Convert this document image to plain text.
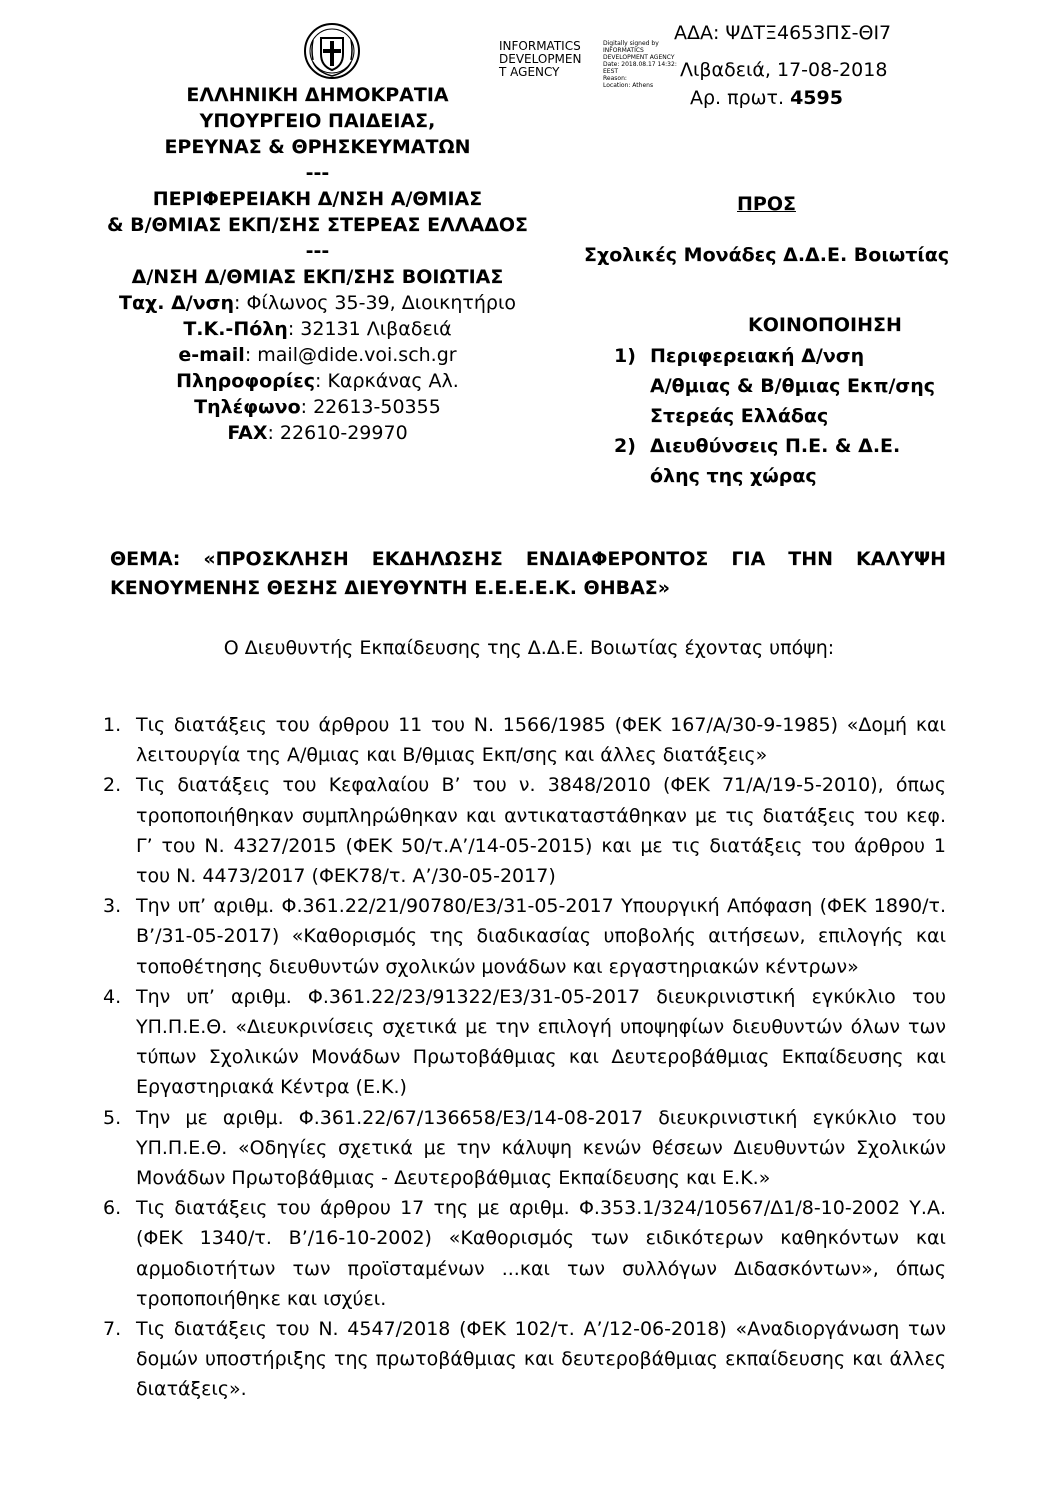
ΑΔΑ: ΨΔΤΞ4653ΠΣ-ΘΙ7
INFORMATICS
DEVELOPMEN
T AGENCY
Digitally signed by
INFORMATICS
DEVELOPMENT AGENCY
Date: 2018.08.17 14:32:
EEST
Reason:
Location: Athens
Λιβαδειά, 17-08-2018
Αρ. πρωτ. 4595
ΕΛΛΗΝΙΚΗ ΔΗΜΟΚΡΑΤΙΑ
ΥΠΟΥΡΓΕΙΟ ΠΑΙΔΕΙΑΣ,
ΕΡΕΥΝΑΣ & ΘΡΗΣΚΕΥΜΑΤΩΝ
---
ΠΕΡΙΦΕΡΕΙΑΚΗ Δ/ΝΣΗ Α/ΘΜΙΑΣ
& Β/ΘΜΙΑΣ ΕΚΠ/ΣΗΣ ΣΤΕΡΕΑΣ ΕΛΛΑΔΟΣ
---
Δ/ΝΣΗ Δ/ΘΜΙΑΣ ΕΚΠ/ΣΗΣ ΒΟΙΩΤΙΑΣ
Ταχ. Δ/νση: Φίλωνος 35-39, Διοικητήριο
Τ.Κ.-Πόλη: 32131 Λιβαδειά
e-mail: mail@dide.voi.sch.gr
Πληροφορίες: Καρκάνας Αλ.
Τηλέφωνο: 22613-50355
FAX: 22610-29970
ΠΡΟΣ
Σχολικές Μονάδες Δ.Δ.Ε. Βοιωτίας
ΚΟΙΝΟΠΟΙΗΣΗ
1) Περιφερειακή Δ/νση
Α/θμιας & Β/θμιας Εκπ/σης
Στερεάς Ελλάδας
2) Διευθύνσεις Π.Ε. & Δ.Ε.
όλης της χώρας
ΘΕΜΑ: «ΠΡΟΣΚΛΗΣΗ ΕΚΔΗΛΩΣΗΣ ΕΝΔΙΑΦΕΡΟΝΤΟΣ ΓΙΑ ΤΗΝ ΚΑΛΥΨΗ
ΚΕΝΟΥΜΕΝΗΣ ΘΕΣΗΣ ΔΙΕΥΘΥΝΤΗ Ε.Ε.Ε.Ε.Κ. ΘΗΒΑΣ»
Ο Διευθυντής Εκπαίδευσης της Δ.Δ.Ε. Βοιωτίας έχοντας υπόψη:
1. Τις διατάξεις του άρθρου 11 του Ν. 1566/1985 (ΦΕΚ 167/Α/30-9-1985) «Δομή και λειτουργία της Α/θμιας και Β/θμιας Εκπ/σης και άλλες διατάξεις»
2. Τις διατάξεις του Κεφαλαίου Β’ του ν. 3848/2010 (ΦΕΚ 71/Α/19-5-2010), όπως τροποποιήθηκαν συμπληρώθηκαν και αντικαταστάθηκαν με τις διατάξεις του κεφ. Γ’ του Ν. 4327/2015 (ΦΕΚ 50/τ.Α’/14-05-2015) και με τις διατάξεις του άρθρου 1 του Ν. 4473/2017 (ΦΕΚ78/τ. Α’/30-05-2017)
3. Την υπ’ αριθμ. Φ.361.22/21/90780/Ε3/31-05-2017 Υπουργική Απόφαση (ΦΕΚ 1890/τ. Β’/31-05-2017) «Καθορισμός της διαδικασίας υποβολής αιτήσεων, επιλογής και τοποθέτησης διευθυντών σχολικών μονάδων και εργαστηριακών κέντρων»
4. Την υπ’ αριθμ. Φ.361.22/23/91322/Ε3/31-05-2017 διευκρινιστική εγκύκλιο του ΥΠ.Π.Ε.Θ. «Διευκρινίσεις σχετικά με την επιλογή υποψηφίων διευθυντών όλων των τύπων Σχολικών Μονάδων Πρωτοβάθμιας και Δευτεροβάθμιας Εκπαίδευσης και Εργαστηριακά Κέντρα (Ε.Κ.)
5. Την με αριθμ. Φ.361.22/67/136658/Ε3/14-08-2017 διευκρινιστική εγκύκλιο του ΥΠ.Π.Ε.Θ. «Οδηγίες σχετικά με την κάλυψη κενών θέσεων Διευθυντών Σχολικών Μονάδων Πρωτοβάθμιας - Δευτεροβάθμιας Εκπαίδευσης και Ε.Κ.»
6. Τις διατάξεις του άρθρου 17 της με αριθμ. Φ.353.1/324/10567/Δ1/8-10-2002 Υ.Α. (ΦΕΚ 1340/τ. Β’/16-10-2002) «Καθορισμός των ειδικότερων καθηκόντων και αρμοδιοτήτων των προϊσταμένων ...και των συλλόγων Διδασκόντων», όπως τροποποιήθηκε και ισχύει.
7. Τις διατάξεις του Ν. 4547/2018 (ΦΕΚ 102/τ. Α’/12-06-2018) «Αναδιοργάνωση των δομών υποστήριξης της πρωτοβάθμιας και δευτεροβάθμιας εκπαίδευσης και άλλες διατάξεις».
